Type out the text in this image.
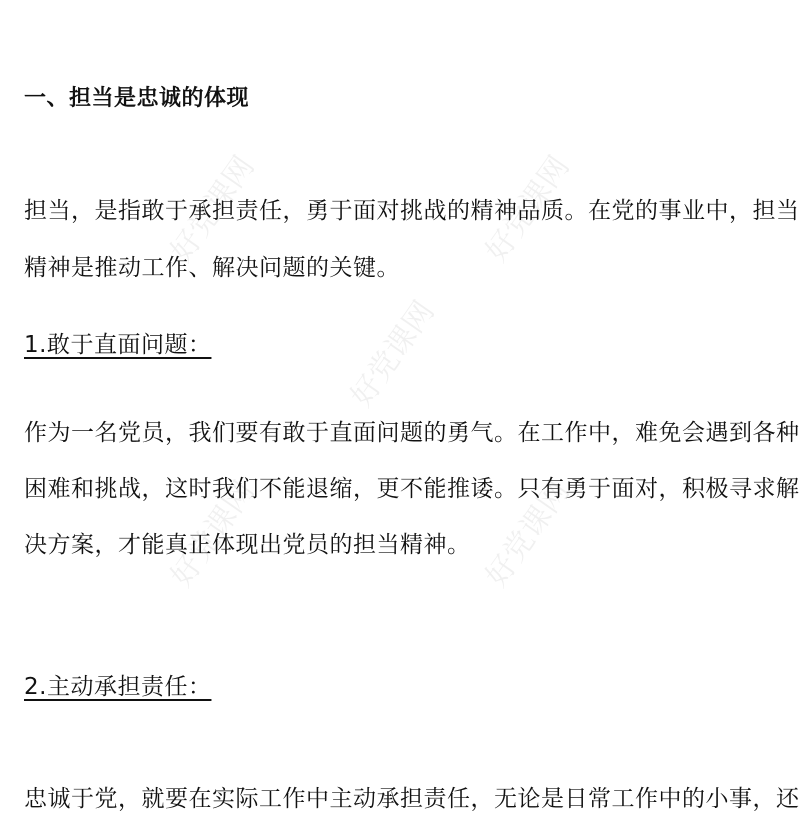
好党课网	好党课网
好党课网
好党课网	好党课网
一、担当是忠诚的体现
担当，是指敢于承担责任，勇于面对挑战的精神品质。在党的事业中，担当
精神是推动工作、解决问题的关键。
1.敢于直面问题：
作为一名党员，我们要有敢于直面问题的勇气。在工作中，难免会遇到各种
困难和挑战，这时我们不能退缩，更不能推诿。只有勇于面对，积极寻求解
决方案，才能真正体现出党员的担当精神。
2.主动承担责任：
忠诚于党，就要在实际工作中主动承担责任，无论是日常工作中的小事，还
